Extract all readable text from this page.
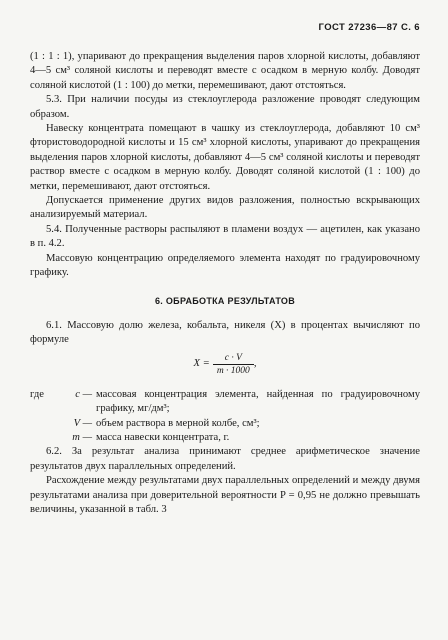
ГОСТ 27236—87 С. 6

(1 : 1 : 1), упаривают до прекращения выделения паров хлорной кислоты, добавляют 4—5 см³ соляной кислоты и переводят вместе с осадком в мерную колбу. Доводят соляной кислотой (1 : 100) до метки, перемешивают, дают отстояться.

5.3. При наличии посуды из стеклоуглерода разложение проводят следующим образом.

Навеску концентрата помещают в чашку из стеклоуглерода, добавляют 10 см³ фтористоводородной кислоты и 15 см³ хлорной кислоты, упаривают до прекращения выделения паров хлорной кислоты, добавляют 4—5 см³ соляной кислоты и переводят раствор вместе с осадком в мерную колбу. Доводят соляной кислотой (1 : 100) до метки, перемешивают, дают отстояться.

Допускается применение других видов разложения, полностью вскрывающих анализируемый материал.

5.4. Полученные растворы распыляют в пламени воздух — ацетилен, как указано в п. 4.2.

Массовую концентрацию определяемого элемента находят по градуировочному графику.

6. ОБРАБОТКА РЕЗУЛЬТАТОВ

6.1. Массовую долю железа, кобальта, никеля (X) в процентах вычисляют по формуле

$X = \frac{c \cdot V}{m \cdot 1000}$ ,
где	c — массовая концентрация элемента, найденная по градуировочному графику, мг/дм³;
V — объем раствора в мерной колбе, см³;
m — масса навески концентрата, г.

6.2. За результат анализа принимают среднее арифметическое значение результатов двух параллельных определений.

Расхождение между результатами двух параллельных определений и между двумя результатами анализа при доверительной вероятности P = 0,95 не должно превышать величины, указанной в табл. 3
